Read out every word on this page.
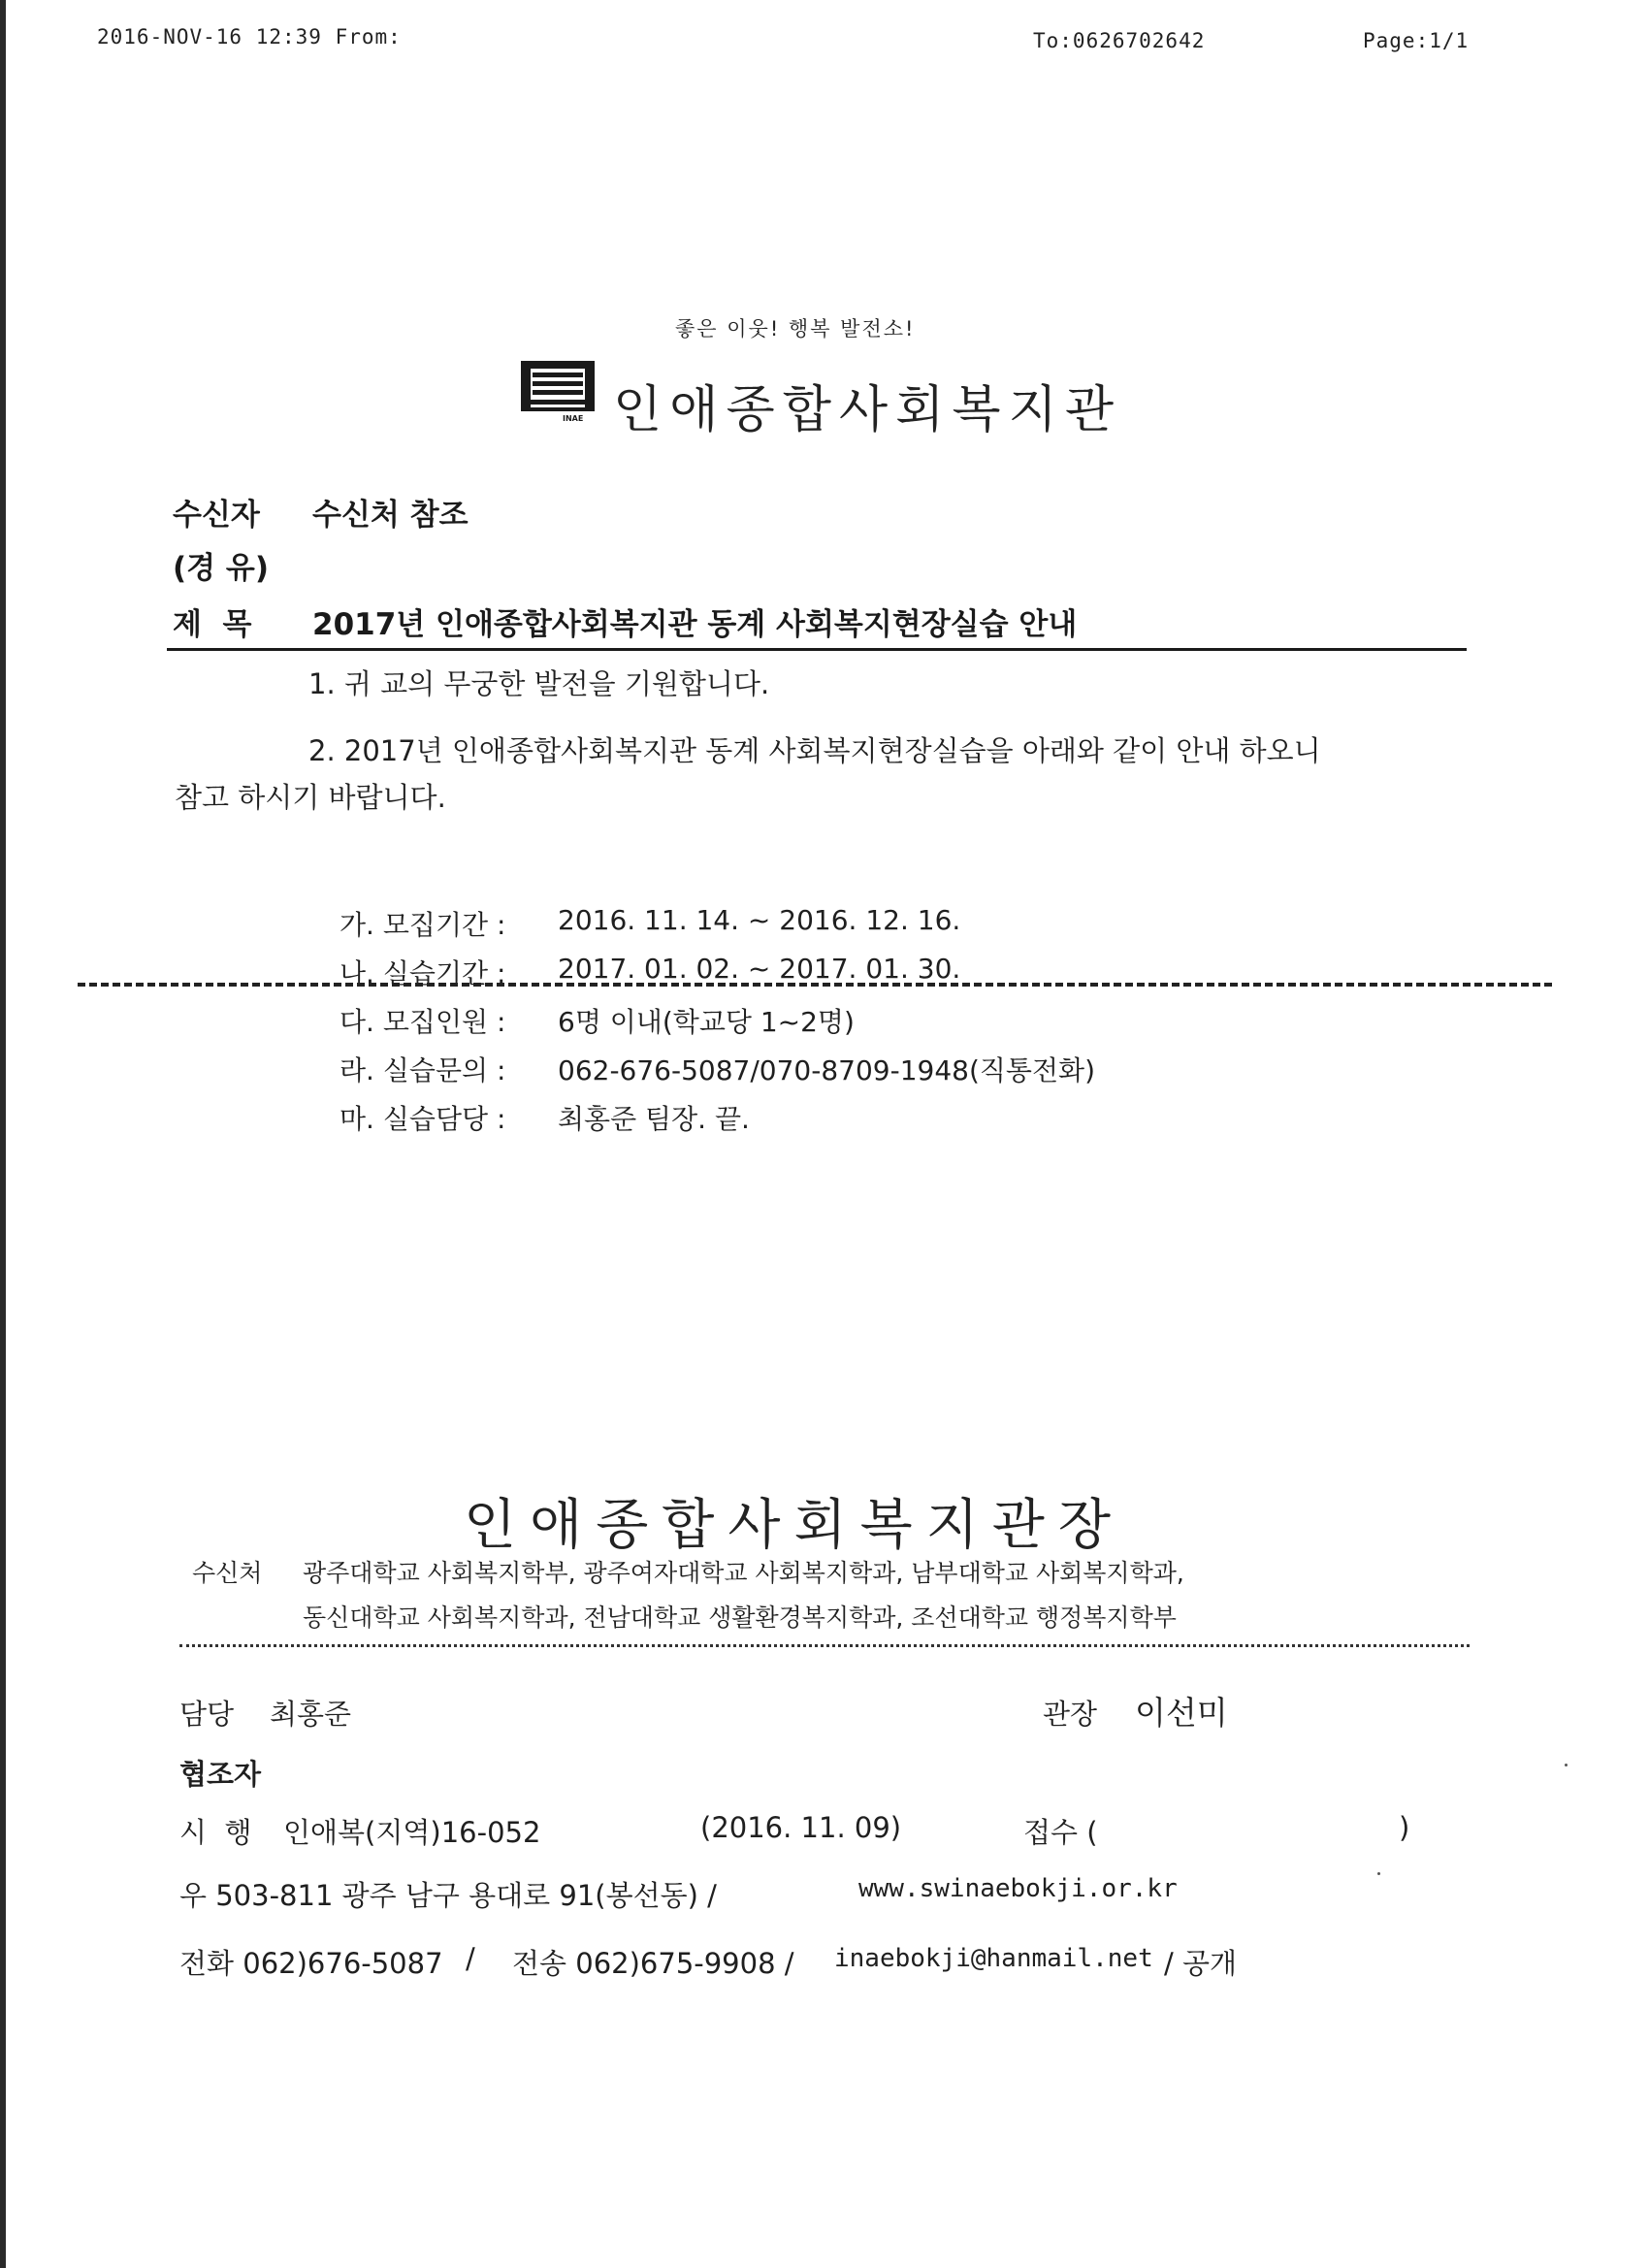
2016-NOV-16 12:39 From:	To:0626702642	Page:1/1
좋은 이웃! 행복 발전소!
INAE 인애종합사회복지관
수신자 수신처 참조
(경 유)
제  목 2017년 인애종합사회복지관 동계 사회복지현장실습 안내
1. 귀 교의 무궁한 발전을 기원합니다.
2. 2017년 인애종합사회복지관 동계 사회복지현장실습을 아래와 같이 안내 하오니
참고 하시기 바랍니다.
가. 모집기간 : 2016. 11. 14. ~ 2016. 12. 16.
나. 실습기간 : 2017. 01. 02. ~ 2017. 01. 30.
다. 모집인원 : 6명 이내(학교당 1~2명)
라. 실습문의 : 062-676-5087/070-8709-1948(직통전화)
마. 실습담당 : 최홍준 팀장. 끝.
인애종합사회복지관장
수신처 광주대학교 사회복지학부, 광주여자대학교 사회복지학과, 남부대학교 사회복지학과,
동신대학교 사회복지학과, 전남대학교 생활환경복지학과, 조선대학교 행정복지학부
담당 최홍준	관장 이선미
협조자
시  행 인애복(지역)16-052	(2016. 11. 09)	접수 (	)
우 503-811 광주 남구 용대로 91(봉선동) /	www.swinaebokji.or.kr
전화 062)676-5087 / 전송 062)675-9908 / inaebokji@hanmail.net / 공개
